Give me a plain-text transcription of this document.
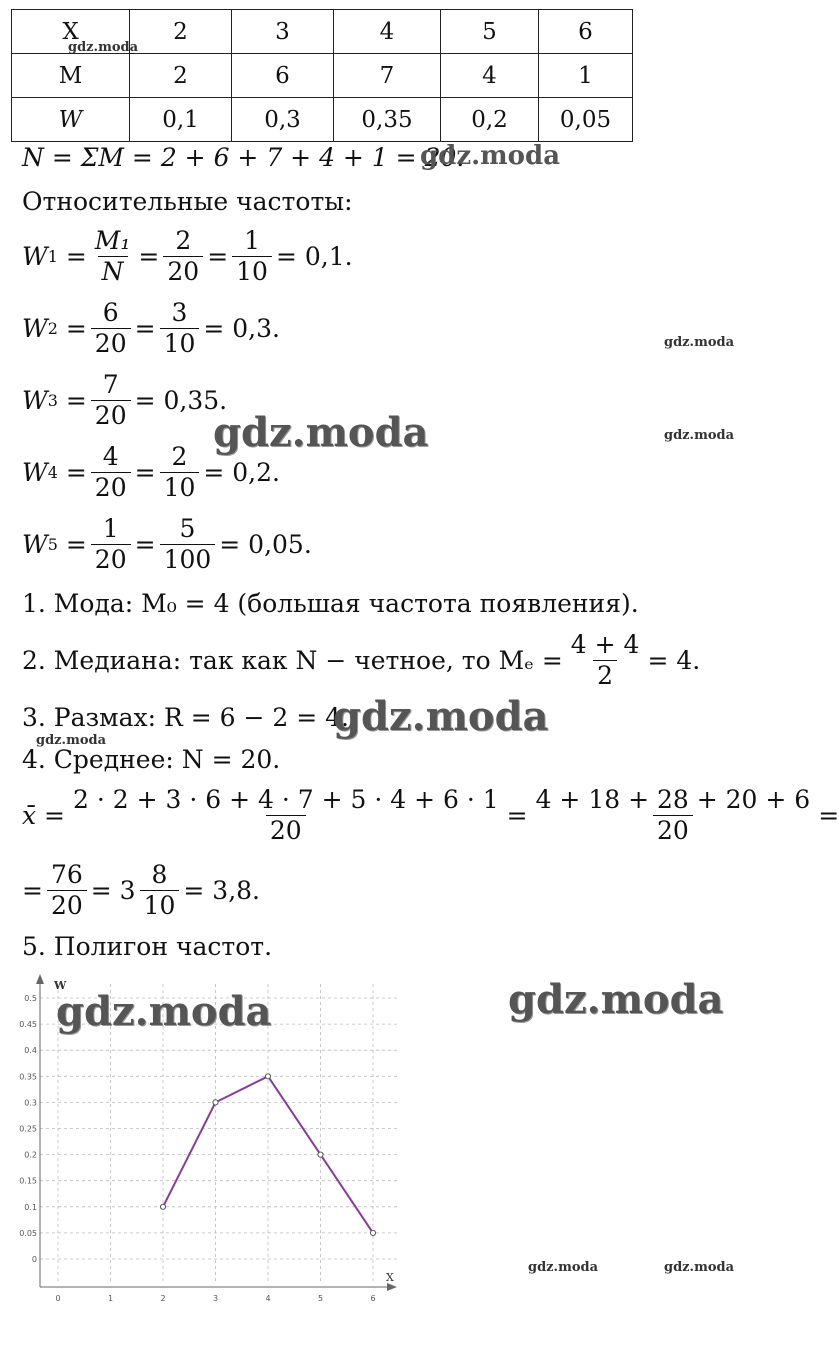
X	2	3	4	5	6
M	2	6	7	4	1
W	0,1	0,3	0,35	0,2	0,05
N = ΣM = 2 + 6 + 7 + 4 + 1 = 20.
Относительные частоты:
W $1 = \frac{\text{M₁}}{N} = \frac{2}{20} = \frac{1}{10} = 0,1$.
W $2 = \frac{6}{20} = \frac{3}{10} = 0,3$.
W $3 = \frac{7}{20} = 0,35$.
W $4 = \frac{4}{20} = \frac{2}{10} = 0,2$.
W $5 = \frac{1}{20} = \frac{5}{100} = 0,05$.
1. Мода: M₀ = 4 (большая частота появления).
2. Медиана: так как N − четное, то $M_e = \frac{4 + 4}{2} = 4$.
3. Размах: R = 6 − 2 = 4.
4. Среднее: N = 20.
x̄ = $\frac{2 \cdot 2 + 3 \cdot 6 + 4 \cdot 7 + 5 \cdot 4 + 6 \cdot 1}{20} = \frac{4 + 18 + 28 + 20 + 6}{20}$ =
= $\frac{76}{20}$ =
$3 \frac{8}{10} = 3,8$.
5. Полигон частот.
0	1	2	3	4	5	6
0
0.05
0.1
0.15
0.2
0.25
0.3
0.35
0.4
0.45
0.5
X
W
gdz.moda
gdz.moda
gdz.moda
gdz.moda	gdz.moda
gdz.moda
gdz.moda
gdz.moda	gdz.moda
gdz.moda	gdz.moda
